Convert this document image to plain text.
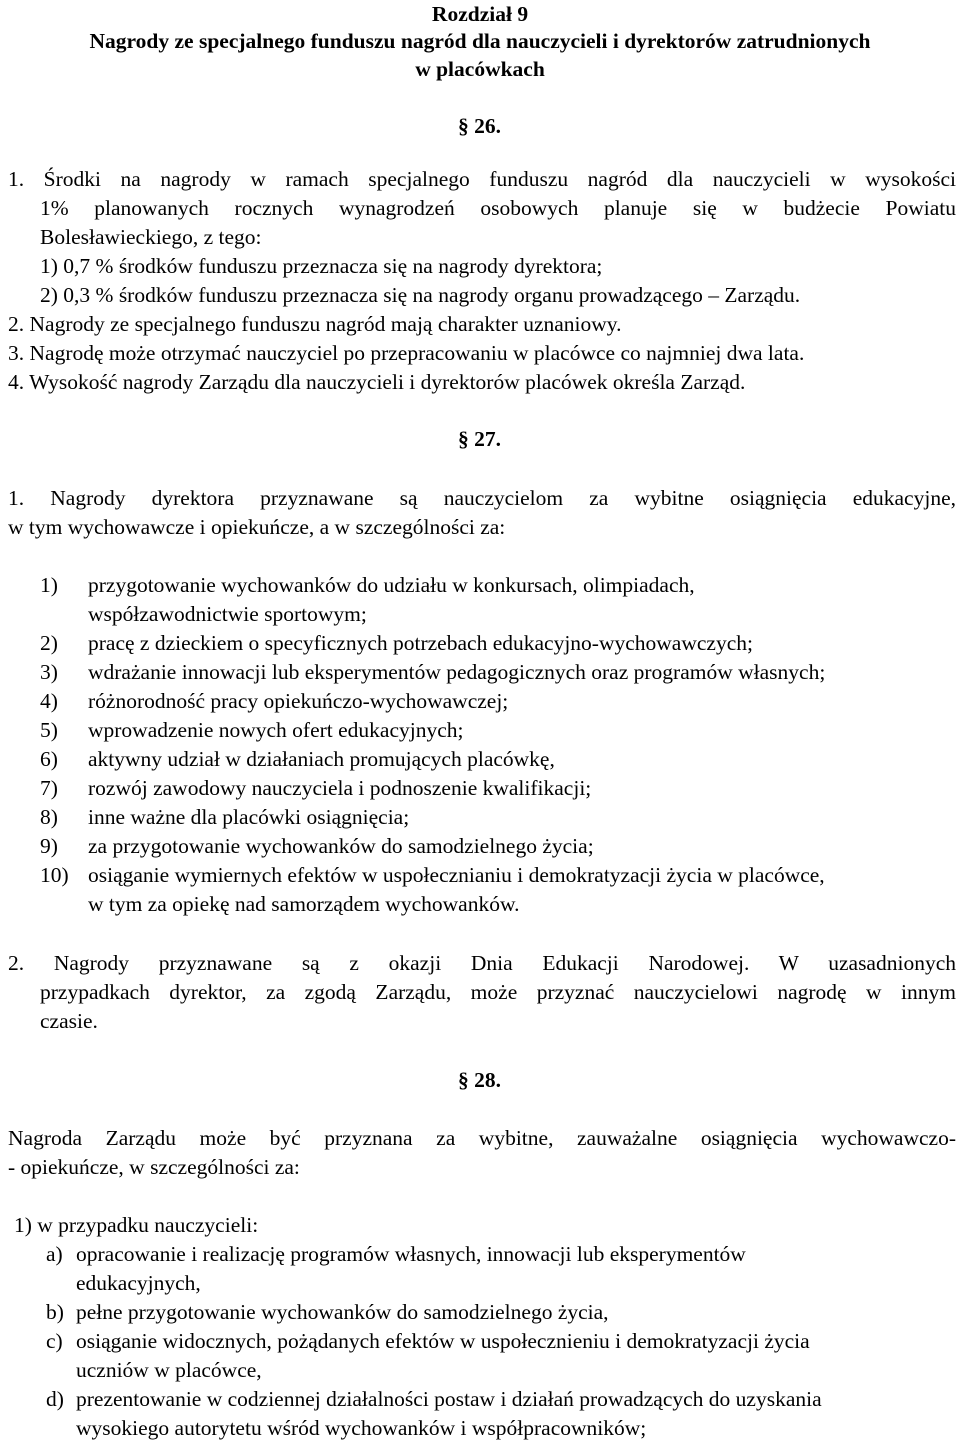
Rozdział 9
Nagrody ze specjalnego funduszu nagród dla nauczycieli i dyrektorów zatrudnionych
w placówkach
§ 26.
1. Środki na nagrody w ramach specjalnego funduszu nagród dla nauczycieli w wysokości
1% planowanych rocznych wynagrodzeń osobowych planuje się w budżecie Powiatu
Bolesławieckiego, z tego:
1) 0,7 % środków funduszu przeznacza się na nagrody dyrektora;
2) 0,3 % środków funduszu przeznacza się na nagrody organu prowadzącego – Zarządu.
2. Nagrody ze specjalnego funduszu nagród mają charakter uznaniowy.
3. Nagrodę może otrzymać nauczyciel po przepracowaniu w placówce co najmniej dwa lata.
4. Wysokość nagrody Zarządu dla nauczycieli i dyrektorów placówek określa Zarząd.
§ 27.
1. Nagrody dyrektora przyznawane są nauczycielom za wybitne osiągnięcia edukacyjne,
w tym wychowawcze i opiekuńcze, a w szczególności za:
1) przygotowanie wychowanków do udziału w konkursach, olimpiadach,
współzawodnictwie sportowym;
2) pracę z dzieckiem o specyficznych potrzebach edukacyjno-wychowawczych;
3) wdrażanie innowacji lub eksperymentów pedagogicznych oraz programów własnych;
4) różnorodność pracy opiekuńczo-wychowawczej;
5) wprowadzenie nowych ofert edukacyjnych;
6) aktywny udział w działaniach promujących placówkę,
7) rozwój zawodowy nauczyciela i podnoszenie kwalifikacji;
8) inne ważne dla placówki osiągnięcia;
9) za przygotowanie wychowanków do samodzielnego życia;
10) osiąganie wymiernych efektów w uspołecznianiu i demokratyzacji życia w placówce,
w tym za opiekę nad samorządem wychowanków.
2. Nagrody przyznawane są z okazji Dnia Edukacji Narodowej. W uzasadnionych
przypadkach dyrektor, za zgodą Zarządu, może przyznać nauczycielowi nagrodę w innym
czasie.
§ 28.
Nagroda Zarządu może być przyznana za wybitne, zauważalne osiągnięcia wychowawczo-
- opiekuńcze, w szczególności za:
1) w przypadku nauczycieli:
a) opracowanie i realizację programów własnych, innowacji lub eksperymentów
edukacyjnych,
b) pełne przygotowanie wychowanków do samodzielnego życia,
c) osiąganie widocznych, pożądanych efektów w uspołecznieniu i demokratyzacji życia
uczniów w placówce,
d) prezentowanie w codziennej działalności postaw i działań prowadzących do uzyskania
wysokiego autorytetu wśród wychowanków i współpracowników;
